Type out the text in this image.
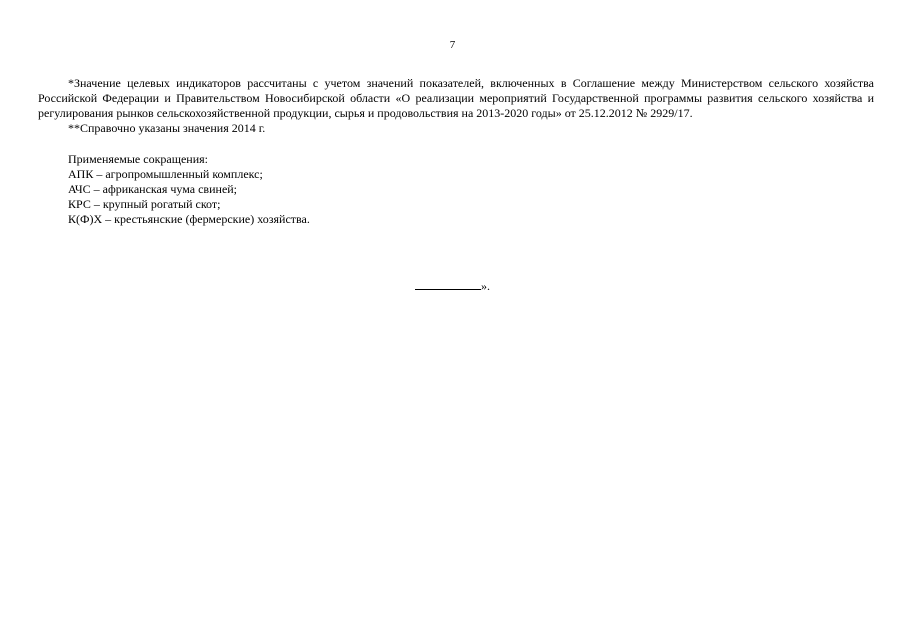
7

*Значение целевых индикаторов рассчитаны с учетом значений показателей, включенных в Соглашение между Министерством сельского хозяйства Российской Федерации и Правительством Новосибирской области «О реализации мероприятий Государственной программы развития сельского хозяйства и регулирования рынков сельскохозяйственной продукции, сырья и продовольствия на 2013-2020 годы» от 25.12.2012 № 2929/17.

**Справочно указаны значения 2014 г.

Применяемые сокращения:

АПК – агропромышленный комплекс;
АЧС – африканская чума свиней;
КРС – крупный рогатый скот;
К(Ф)Х – крестьянские (фермерские) хозяйства.
».
